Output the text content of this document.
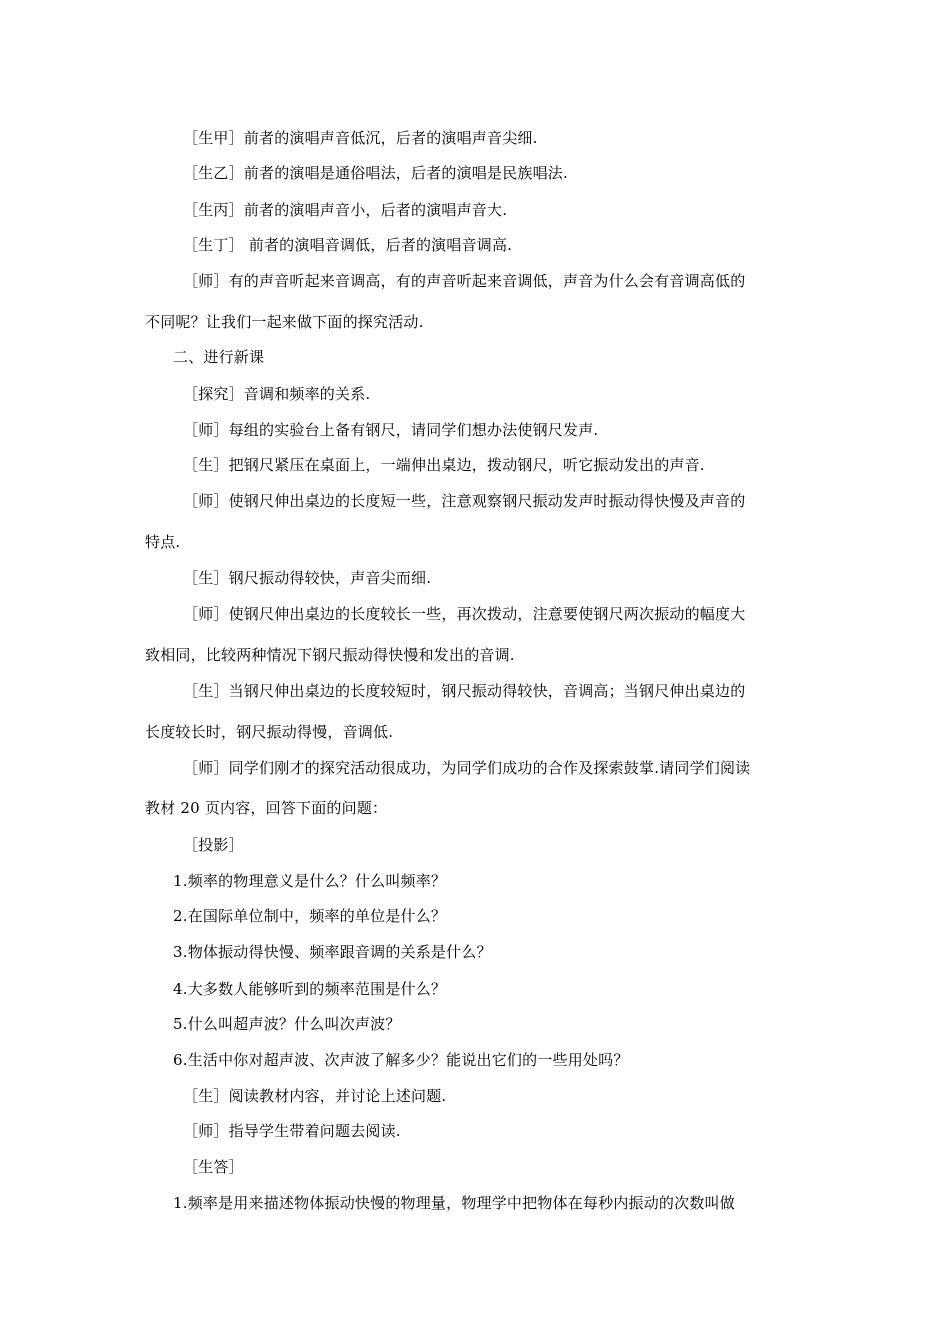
［生甲］前者的演唱声音低沉，后者的演唱声音尖细.
［生乙］前者的演唱是通俗唱法，后者的演唱是民族唱法.
［生丙］前者的演唱声音小，后者的演唱声音大.
［生丁］ 前者的演唱音调低，后者的演唱音调高.
［师］有的声音听起来音调高，有的声音听起来音调低，声音为什么会有音调高低的
不同呢？让我们一起来做下面的探究活动.
二、进行新课
［探究］音调和频率的关系.
［师］每组的实验台上备有钢尺，请同学们想办法使钢尺发声.
［生］把钢尺紧压在桌面上，一端伸出桌边，拨动钢尺，听它振动发出的声音.
［师］使钢尺伸出桌边的长度短一些，注意观察钢尺振动发声时振动得快慢及声音的
特点.
［生］钢尺振动得较快，声音尖而细.
［师］使钢尺伸出桌边的长度较长一些，再次拨动，注意要使钢尺两次振动的幅度大
致相同，比较两种情况下钢尺振动得快慢和发出的音调.
［生］当钢尺伸出桌边的长度较短时，钢尺振动得较快，音调高；当钢尺伸出桌边的
长度较长时，钢尺振动得慢，音调低.
［师］同学们刚才的探究活动很成功，为同学们成功的合作及探索鼓掌.请同学们阅读
教材 20 页内容，回答下面的问题：
［投影］
1.频率的物理意义是什么？什么叫频率？
2.在国际单位制中，频率的单位是什么？
3.物体振动得快慢、频率跟音调的关系是什么？
4.大多数人能够听到的频率范围是什么？
5.什么叫超声波？什么叫次声波？
6.生活中你对超声波、次声波了解多少？能说出它们的一些用处吗？
［生］阅读教材内容，并讨论上述问题.
［师］指导学生带着问题去阅读.
［生答］
1.频率是用来描述物体振动快慢的物理量，物理学中把物体在每秒内振动的次数叫做
